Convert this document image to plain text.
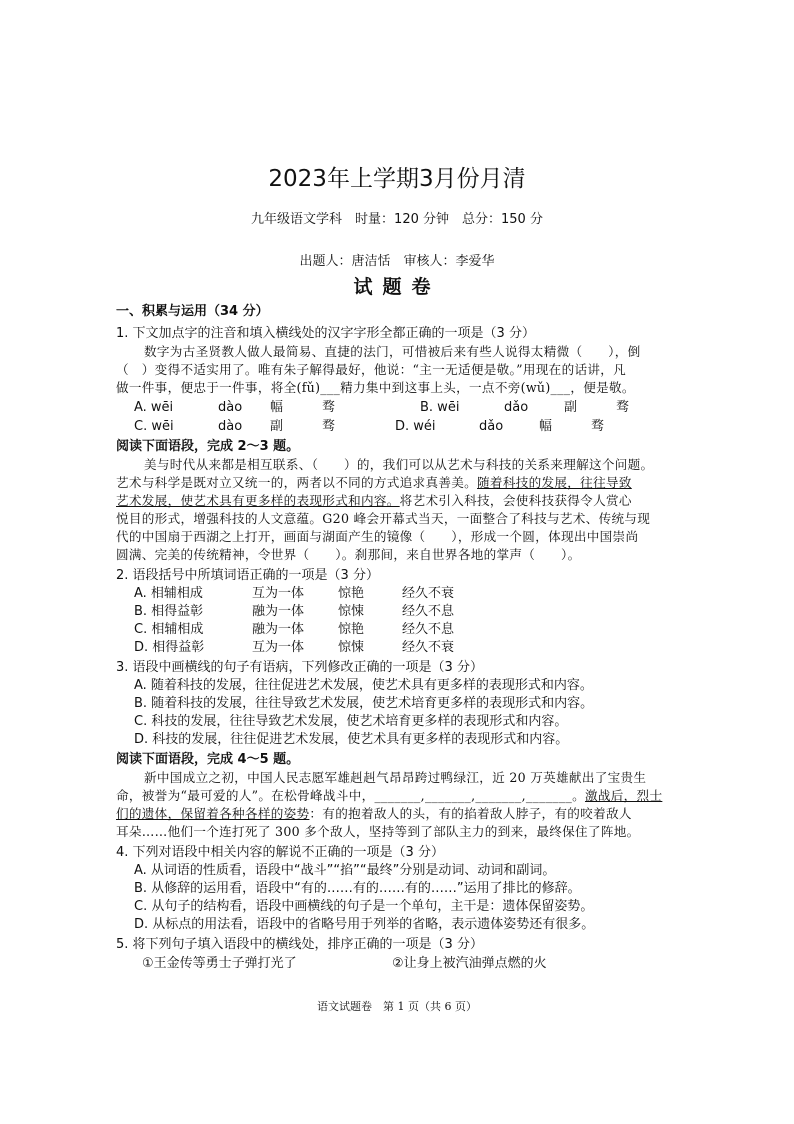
2023年上学期3月份月清
九年级语文学科　时量：120 分钟　总分：150 分
出题人：唐洁恬　审核人：李爱华
试题卷
一、积累与运用（34 分）
1. 下文加点字的注音和填入横线处的汉字字形全都正确的一项是（3 分）
数字为古圣贤教人做人最简易、直捷的法门，可惜被后来有些人说得太精微（　　），倒
（　）变得不适实用了。唯有朱子解得最好，他说：“主一无适便是敬。”用现在的话讲，凡
做一件事，便忠于一件事，将全(fǔ)___精力集中到这事上头，一点不旁(wǔ)___，便是敬。
A. wēi	dào 幅	骛	B. wēi	dǎo	副	骛
C. wēi	dào 副	骛	D. wéi	dǎo	幅	骛
阅读下面语段，完成 2～3 题。
美与时代从来都是相互联系、（　　）的，我们可以从艺术与科技的关系来理解这个问题。
艺术与科学是既对立又统一的，两者以不同的方式追求真善美。随着科技的发展，往往导致
艺术发展，使艺术具有更多样的表现形式和内容。将艺术引入科技，会使科技获得令人赏心
悦目的形式，增强科技的人文意蕴。G20 峰会开幕式当天，一面整合了科技与艺术、传统与现
代的中国扇于西湖之上打开，画面与湖面产生的镜像（　　），形成一个圆，体现出中国崇尚
圆满、完美的传统精神，令世界（　　）。刹那间，来自世界各地的掌声（　　）。
2. 语段括号中所填词语正确的一项是（3 分）
A. 相辅相成	互为一体	惊艳	经久不衰
B. 相得益彰	融为一体	惊悚	经久不息
C. 相辅相成	融为一体	惊艳	经久不息
D. 相得益彰	互为一体	惊悚	经久不衰
3. 语段中画横线的句子有语病，下列修改正确的一项是（3 分）
A. 随着科技的发展，往往促进艺术发展，使艺术具有更多样的表现形式和内容。
B. 随着科技的发展，往往导致艺术发展，使艺术培育更多样的表现形式和内容。
C. 科技的发展，往往导致艺术发展，使艺术培育更多样的表现形式和内容。
D. 科技的发展，往往促进艺术发展，使艺术具有更多样的表现形式和内容。
阅读下面语段，完成 4～5 题。
新中国成立之初，中国人民志愿军雄赳赳气昂昂跨过鸭绿江，近 20 万英雄献出了宝贵生
命，被誉为“最可爱的人”。在松骨峰战斗中，_______,_______,_______,_______。激战后，烈士
们的遗体，保留着各种各样的姿势：有的抱着敌人的头，有的掐着敌人脖子，有的咬着敌人
耳朵……他们一个连打死了 300 多个敌人，坚持等到了部队主力的到来，最终保住了阵地。
4. 下列对语段中相关内容的解说不正确的一项是（3 分）
A. 从词语的性质看，语段中“战斗”“掐”“最终”分别是动词、动词和副词。
B. 从修辞的运用看，语段中“有的……有的……有的……”运用了排比的修辞。
C. 从句子的结构看，语段中画横线的句子是一个单句，主干是：遗体保留姿势。
D. 从标点的用法看，语段中的省略号用于列举的省略，表示遗体姿势还有很多。
5. 将下列句子填入语段中的横线处，排序正确的一项是（3 分）
①王金传等勇士子弹打光了	②让身上被汽油弹点燃的火
语文试题卷　第 1 页（共 6 页）
